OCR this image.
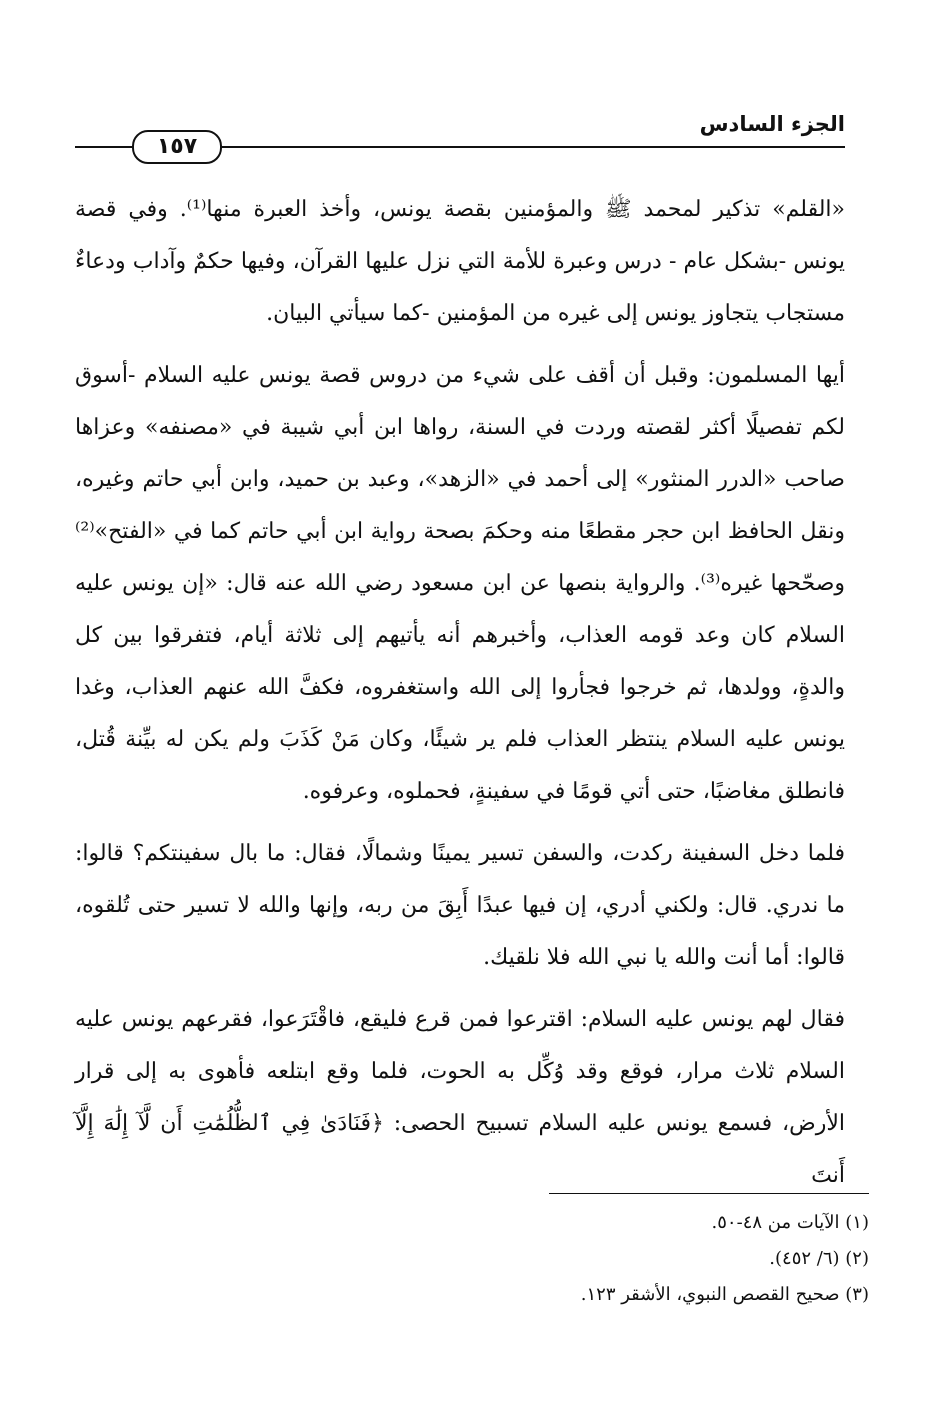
الجزء السادس
١٥٧

«القلم» تذكير لمحمد ﷺ والمؤمنين بقصة يونس، وأخذ العبرة منها⁽¹⁾. وفي قصة يونس -بشكل عام - درس وعبرة للأمة التي نزل عليها القرآن، وفيها حكمٌ وآداب ودعاءٌ مستجاب يتجاوز يونس إلى غيره من المؤمنين -كما سيأتي البيان.

أيها المسلمون: وقبل أن أقف على شيء من دروس قصة يونس عليه السلام -أسوق لكم تفصيلًا أكثر لقصته وردت في السنة، رواها ابن أبي شيبة في «مصنفه» وعزاها صاحب «الدرر المنثور» إلى أحمد في «الزهد»، وعبد بن حميد، وابن أبي حاتم وغيره، ونقل الحافظ ابن حجر مقطعًا منه وحكمَ بصحة رواية ابن أبي حاتم كما في «الفتح»⁽²⁾ وصحّحها غيره⁽³⁾. والرواية بنصها عن ابن مسعود رضي الله عنه قال: «إن يونس عليه السلام كان وعد قومه العذاب، وأخبرهم أنه يأتيهم إلى ثلاثة أيام، فتفرقوا بين كل والدةٍ، وولدها، ثم خرجوا فجأروا إلى الله واستغفروه، فكفَّ الله عنهم العذاب، وغدا يونس عليه السلام ينتظر العذاب فلم ير شيئًا، وكان مَنْ كَذَبَ ولم يكن له بيِّنة قُتل، فانطلق مغاضبًا، حتى أتي قومًا في سفينةٍ، فحملوه، وعرفوه.

فلما دخل السفينة ركدت، والسفن تسير يمينًا وشمالًا، فقال: ما بال سفينتكم؟ قالوا: ما ندري. قال: ولكني أدري، إن فيها عبدًا أَبِقَ من ربه، وإنها والله لا تسير حتى تُلقوه، قالوا: أما أنت والله يا نبي الله فلا نلقيك.

فقال لهم يونس عليه السلام: اقترعوا فمن قرع فليقع، فاقْتَرَعوا، فقرعهم يونس عليه السلام ثلاث مرار، فوقع وقد وُكِّل به الحوت، فلما وقع ابتلعه فأهوى به إلى قرار الأرض، فسمع يونس عليه السلام تسبيح الحصى: ﴿فَنَادَىٰ فِي ٱلظُّلُمَٰتِ أَن لَّآ إِلَٰهَ إِلَّآ أَنتَ

(١) الآيات من ٤٨-٥٠.
(٢) (٦/ ٤٥٢).
(٣) صحيح القصص النبوي، الأشقر ١٢٣.
